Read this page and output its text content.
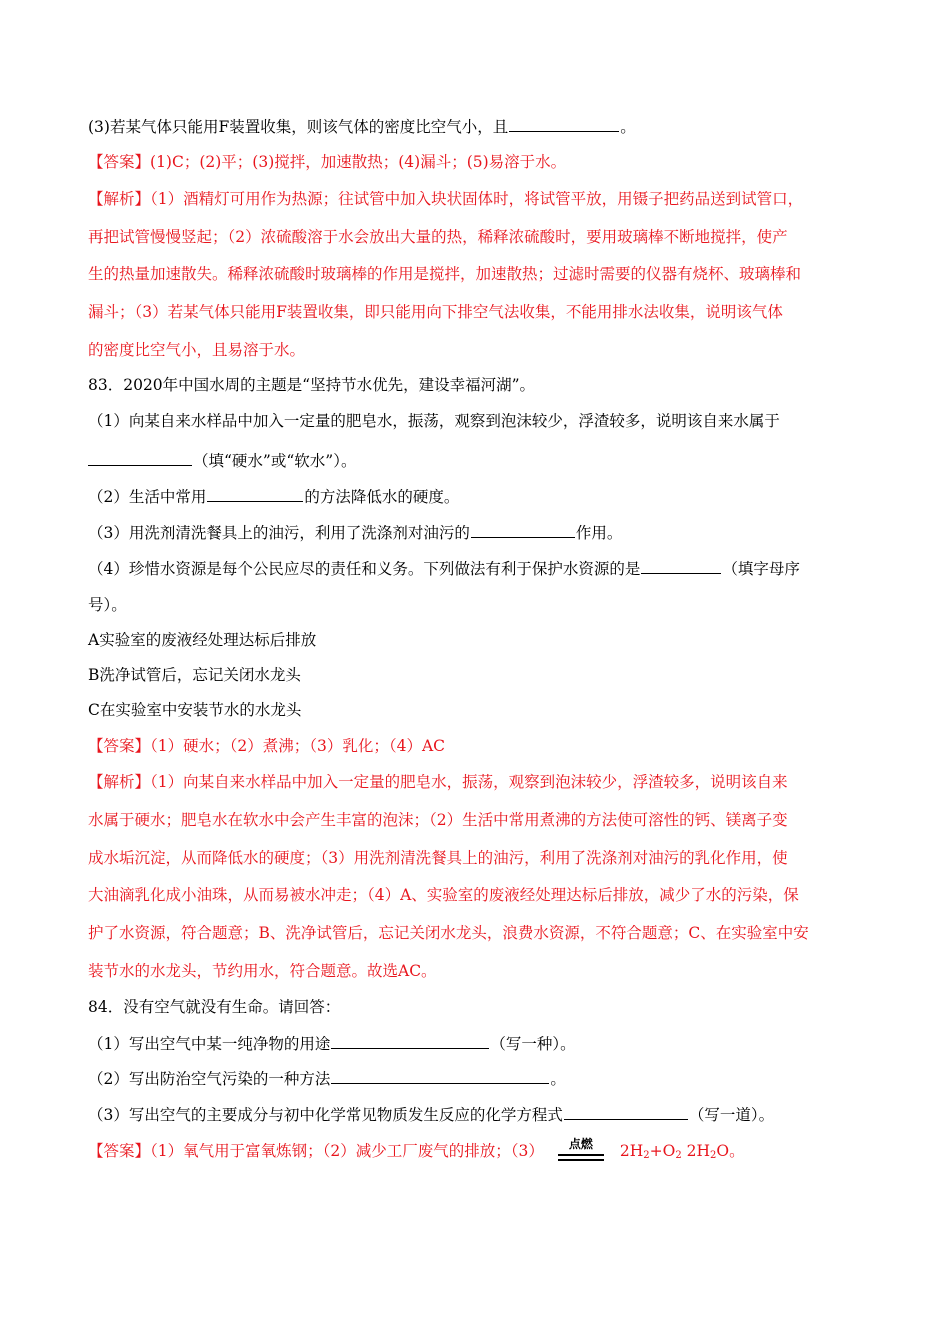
(3)若某气体只能用F装置收集，则该气体的密度比空气小，且	。
【答案】(1)C；(2)平；(3)搅拌，加速散热；(4)漏斗；(5)易溶于水。
【解析】（1）酒精灯可用作为热源；往试管中加入块状固体时，将试管平放，用镊子把药品送到试管口，
再把试管慢慢竖起；（2）浓硫酸溶于水会放出大量的热，稀释浓硫酸时，要用玻璃棒不断地搅拌，使产
生的热量加速散失。稀释浓硫酸时玻璃棒的作用是搅拌，加速散热；过滤时需要的仪器有烧杯、玻璃棒和
漏斗；（3）若某气体只能用F装置收集，即只能用向下排空气法收集，不能用排水法收集，说明该气体
的密度比空气小，且易溶于水。
83．2020年中国水周的主题是“坚持节水优先，建设幸福河湖”。
（1）向某自来水样品中加入一定量的肥皂水，振荡，观察到泡沫较少，浮渣较多，说明该自来水属于
（填“硬水”或“软水”）。
（2）生活中常用	的方法降低水的硬度。
（3）用洗剂清洗餐具上的油污，利用了洗涤剂对油污的	作用。
（4）珍惜水资源是每个公民应尽的责任和义务。下列做法有利于保护水资源的是	（填字母序
号）。
A实验室的废液经处理达标后排放
B洗净试管后，忘记关闭水龙头
C在实验室中安装节水的水龙头
【答案】（1）硬水；（2）煮沸；（3）乳化；（4）AC
【解析】（1）向某自来水样品中加入一定量的肥皂水，振荡，观察到泡沫较少，浮渣较多，说明该自来
水属于硬水；肥皂水在软水中会产生丰富的泡沫；（2）生活中常用煮沸的方法使可溶性的钙、镁离子变
成水垢沉淀，从而降低水的硬度；（3）用洗剂清洗餐具上的油污，利用了洗涤剂对油污的乳化作用，使
大油滴乳化成小油珠，从而易被水冲走；（4）A、实验室的废液经处理达标后排放，减少了水的污染，保
护了水资源，符合题意；B、洗净试管后，忘记关闭水龙头，浪费水资源，不符合题意；C、在实验室中安
装节水的水龙头，节约用水，符合题意。故选AC。
84．没有空气就没有生命。请回答：
（1）写出空气中某一纯净物的用途	（写一种）。
（2）写出防治空气污染的一种方法	。
（3）写出空气的主要成分与初中化学常见物质发生反应的化学方程式	（写一道）。
【答案】（1）氧气用于富氧炼钢；（2）减少工厂废气的排放；（3）	点燃	$2H_2+O_2$ $2H_2O$。
